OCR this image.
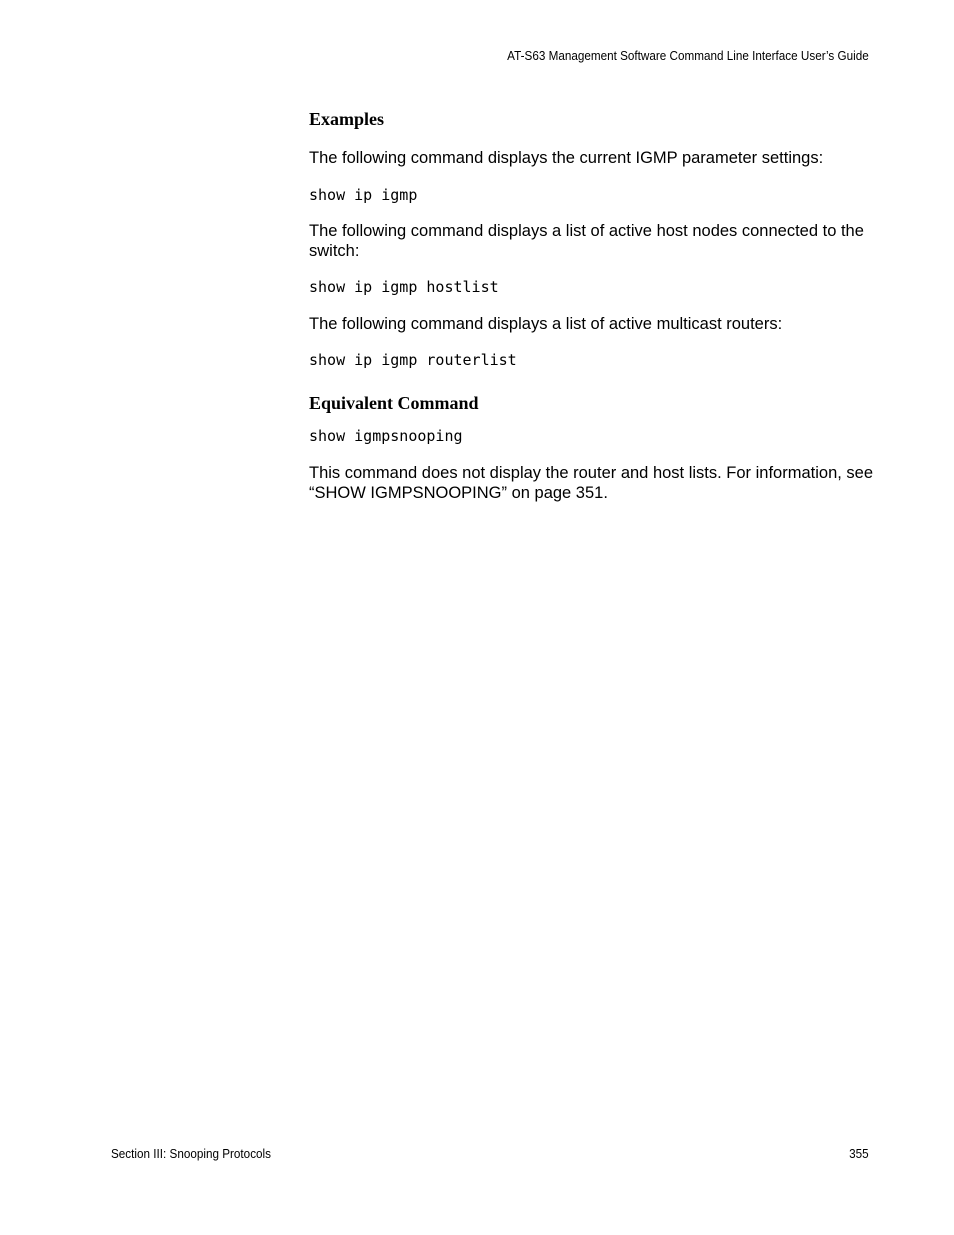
AT-S63 Management Software Command Line Interface User’s Guide
Examples

The following command displays the current IGMP parameter settings:

show ip igmp

The following command displays a list of active host nodes connected to the switch:

show ip igmp hostlist

The following command displays a list of active multicast routers:

show ip igmp routerlist

Equivalent Command

show igmpsnooping

This command does not display the router and host lists. For information, see “SHOW IGMPSNOOPING” on page 351.

Section III: Snooping Protocols	355
